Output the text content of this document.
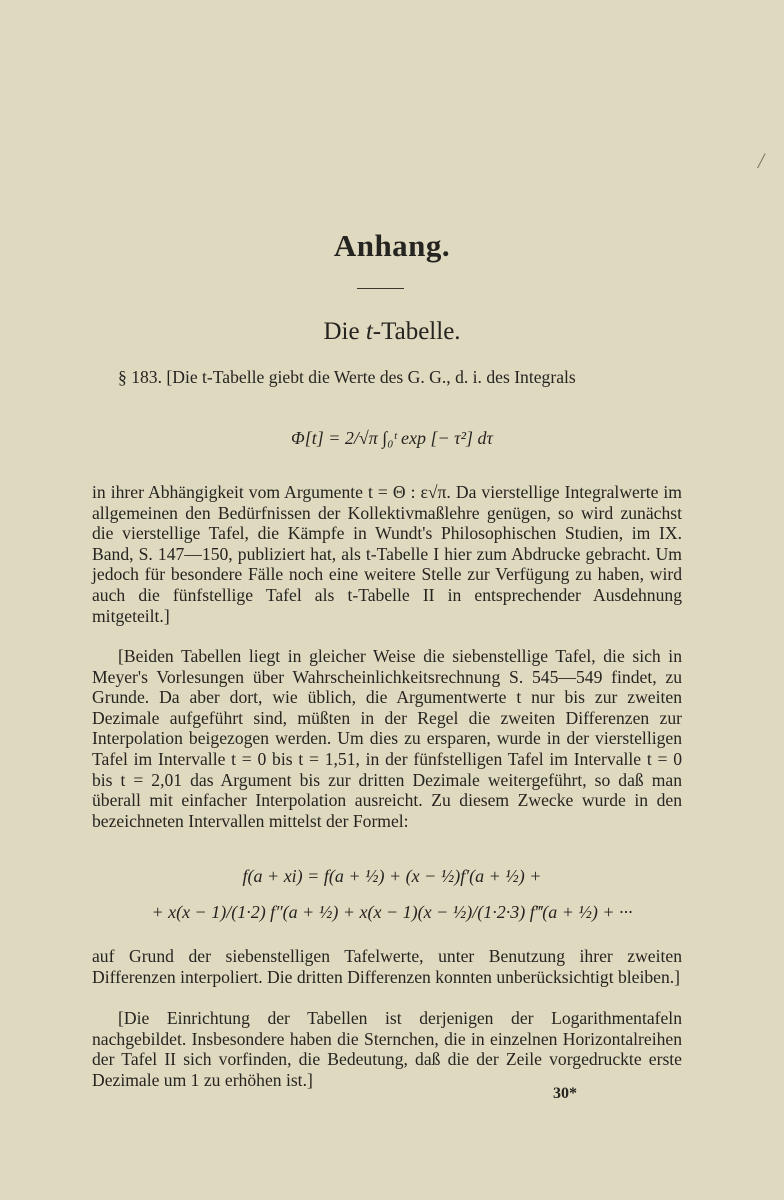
/
Anhang.
Die t-Tabelle.

§ 183. [Die t-Tabelle giebt die Werte des G. G., d. i. des Integrals

Φ[t] = 2/√π ∫₀ᵗ exp [− τ²] dτ

in ihrer Abhängigkeit vom Argumente t = Θ : ε√π. Da vierstellige Integralwerte im allgemeinen den Bedürfnissen der Kollektivmaßlehre genügen, so wird zunächst die vierstellige Tafel, die Kämpfe in Wundt's Philosophischen Studien, im IX. Band, S. 147—150, publiziert hat, als t-Tabelle I hier zum Abdrucke gebracht. Um jedoch für besondere Fälle noch eine weitere Stelle zur Verfügung zu haben, wird auch die fünfstellige Tafel als t-Tabelle II in entsprechender Ausdehnung mitgeteilt.]

[Beiden Tabellen liegt in gleicher Weise die siebenstellige Tafel, die sich in Meyer's Vorlesungen über Wahrscheinlichkeitsrechnung S. 545—549 findet, zu Grunde. Da aber dort, wie üblich, die Argumentwerte t nur bis zur zweiten Dezimale aufgeführt sind, müßten in der Regel die zweiten Differenzen zur Interpolation beigezogen werden. Um dies zu ersparen, wurde in der vierstelligen Tafel im Intervalle t = 0 bis t = 1,51, in der fünfstelligen Tafel im Intervalle t = 0 bis t = 2,01 das Argument bis zur dritten Dezimale weitergeführt, so daß man überall mit einfacher Interpolation ausreicht. Zu diesem Zwecke wurde in den bezeichneten Intervallen mittelst der Formel:

f(a + xi) = f(a + ½) + (x − ½)f′(a + ½) +
+ x(x − 1)/(1·2) f″(a + ½) + x(x − 1)(x − ½)/(1·2·3) f‴(a + ½) + ···

auf Grund der siebenstelligen Tafelwerte, unter Benutzung ihrer zweiten Differenzen interpoliert. Die dritten Differenzen konnten unberücksichtigt bleiben.]

[Die Einrichtung der Tabellen ist derjenigen der Logarithmentafeln nachgebildet. Insbesondere haben die Sternchen, die in einzelnen Horizontalreihen der Tafel II sich vorfinden, die Bedeutung, daß die der Zeile vorgedruckte erste Dezimale um 1 zu erhöhen ist.]

30*
